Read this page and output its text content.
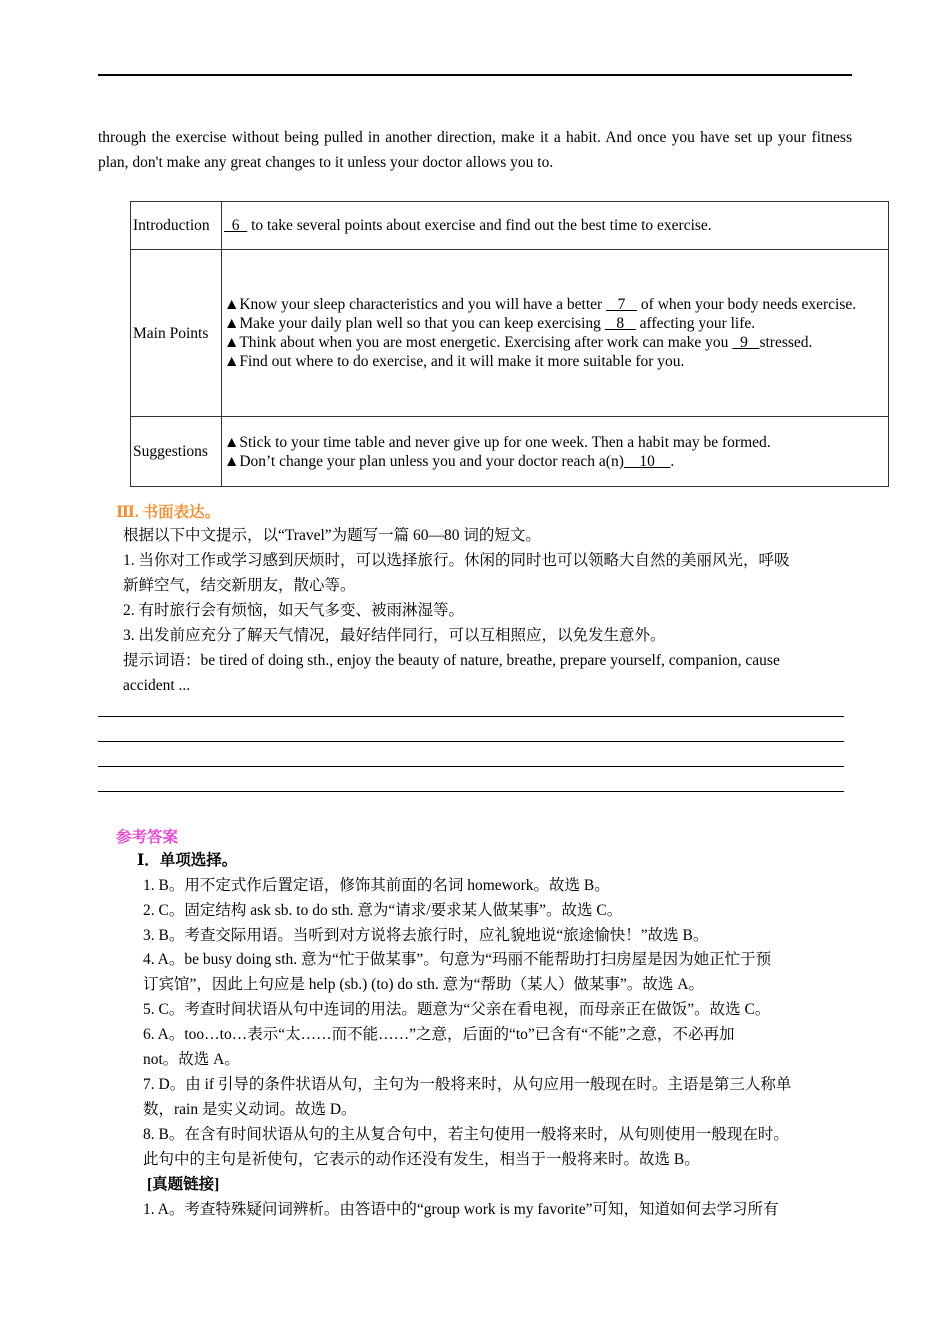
through the exercise without being pulled in another direction, make it a habit. And once you have set up your fitness plan, don't make any great changes to it unless your doctor allows you to.
Introduction	6   to take several points about exercise and find out the best time to exercise.
Main Points	▲Know your sleep characteristics and you will have a better    7    of when your body needs exercise.
▲Make your daily plan well so that you can keep exercising    8    affecting your life.
▲Think about when you are most energetic. Exercising after work can make you   9   stressed.
▲Find out where to do exercise, and it will make it more suitable for you.

Suggestions	▲Stick to your time table and never give up for one week. Then a habit may be formed.
▲Don’t change your plan unless you and your doctor reach a(n)    10    .
Ⅲ. 书面表达。
根据以下中文提示，以“Travel”为题写一篇 60—80 词的短文。
1. 当你对工作或学习感到厌烦时，可以选择旅行。休闲的同时也可以领略大自然的美丽风光，呼吸
新鲜空气，结交新朋友，散心等。
2. 有时旅行会有烦恼，如天气多变、被雨淋湿等。
3. 出发前应充分了解天气情况，最好结伴同行，可以互相照应，以免发生意外。
提示词语：be tired of doing sth., enjoy the beauty of nature, breathe, prepare yourself, companion, cause
accident ...
参考答案
Ⅰ．单项选择。
1. B。用不定式作后置定语，修饰其前面的名词 homework。故选 B。
2. C。固定结构 ask sb. to do sth. 意为“请求/要求某人做某事”。故选 C。
3. B。考查交际用语。当听到对方说将去旅行时，应礼貌地说“旅途愉快！”故选 B。
4. A。be busy doing sth. 意为“忙于做某事”。句意为“玛丽不能帮助打扫房屋是因为她正忙于预
订宾馆”，因此上句应是 help (sb.) (to) do sth. 意为“帮助（某人）做某事”。故选 A。
5. C。考查时间状语从句中连词的用法。题意为“父亲在看电视，而母亲正在做饭”。故选 C。
6. A。too…to…表示“太……而不能……”之意，后面的“to”已含有“不能”之意，不必再加
not。故选 A。
7. D。由 if 引导的条件状语从句，主句为一般将来时，从句应用一般现在时。主语是第三人称单
数，rain 是实义动词。故选 D。
8. B。在含有时间状语从句的主从复合句中，若主句使用一般将来时，从句则使用一般现在时。
此句中的主句是祈使句，它表示的动作还没有发生，相当于一般将来时。故选 B。
[真题链接]
1. A。考查特殊疑问词辨析。由答语中的“group work is my favorite”可知，知道如何去学习所有
